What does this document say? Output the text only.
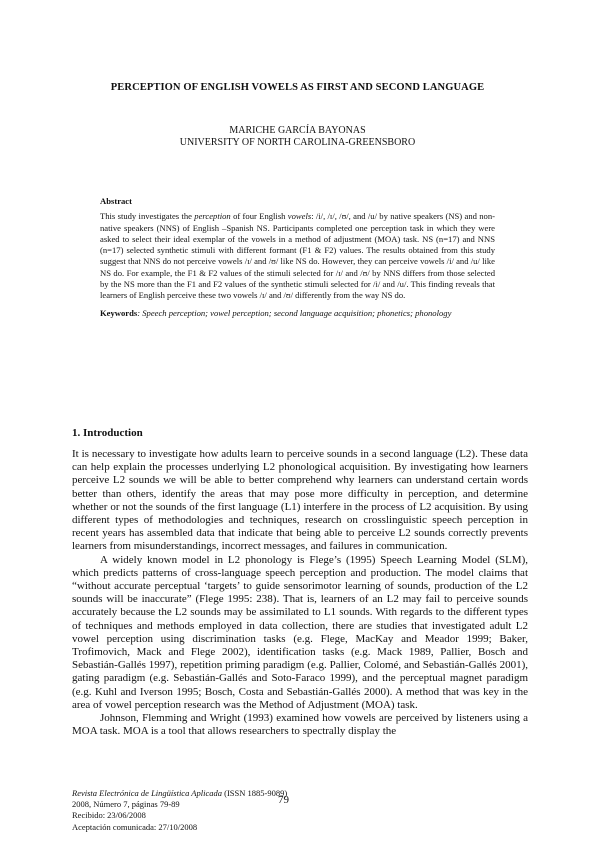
PERCEPTION OF ENGLISH VOWELS AS FIRST AND SECOND LANGUAGE
MARICHE GARCÍA BAYONAS
UNIVERSITY OF NORTH CAROLINA-GREENSBORO
Abstract

This study investigates the perception of four English vowels: /i/, /ɪ/, /ʊ/, and /u/ by native speakers (NS) and non-native speakers (NNS) of English –Spanish NS. Participants completed one perception task in which they were asked to select their ideal exemplar of the vowels in a method of adjustment (MOA) task. NS (n=17) and NNS (n=17) selected synthetic stimuli with different formant (F1 & F2) values. The results obtained from this study suggest that NNS do not perceive vowels /ɪ/ and /ʊ/ like NS do. However, they can perceive vowels /i/ and /u/ like NS do. For example, the F1 & F2 values of the stimuli selected for /ɪ/ and /ʊ/ by NNS differs from those selected by the NS more than the F1 and F2 values of the synthetic stimuli selected for /i/ and /u/. This finding reveals that learners of English perceive these two vowels /ɪ/ and /ʊ/ differently from the way NS do.

Keywords: Speech perception; vowel perception; second language acquisition; phonetics; phonology

1. Introduction

It is necessary to investigate how adults learn to perceive sounds in a second language (L2). These data can help explain the processes underlying L2 phonological acquisition. By investigating how learners perceive L2 sounds we will be able to better comprehend why learners can understand certain words better than others, identify the areas that may pose more difficulty in perception, and determine whether or not the sounds of the first language (L1) interfere in the process of L2 acquisition. By using different types of methodologies and techniques, research on crosslinguistic speech perception in recent years has assembled data that indicate that being able to perceive L2 sounds correctly prevents learners from misunderstandings, incorrect messages, and failures in communication.

A widely known model in L2 phonology is Flege’s (1995) Speech Learning Model (SLM), which predicts patterns of cross-language speech perception and production. The model claims that “without accurate perceptual ‘targets’ to guide sensorimotor learning of sounds, production of the L2 sounds will be inaccurate” (Flege 1995: 238). That is, learners of an L2 may fail to perceive sounds accurately because the L2 sounds may be assimilated to L1 sounds. With regards to the different types of techniques and methods employed in data collection, there are studies that investigated adult L2 vowel perception using discrimination tasks (e.g. Flege, MacKay and Meador 1999; Baker, Trofimovich, Mack and Flege 2002), identification tasks (e.g. Mack 1989, Pallier, Bosch and Sebastián-Gallés 1997), repetition priming paradigm (e.g. Pallier, Colomé, and Sebastián-Gallés 2001), gating paradigm (e.g. Sebastián-Gallés and Soto-Faraco 1999), and the perceptual magnet paradigm (e.g. Kuhl and Iverson 1995; Bosch, Costa and Sebastián-Gallés 2000). A method that was key in the area of vowel perception research was the Method of Adjustment (MOA) task.

Johnson, Flemming and Wright (1993) examined how vowels are perceived by listeners using a MOA task. MOA is a tool that allows researchers to spectrally display the

Revista Electrónica de Lingüística Aplicada (ISSN 1885-9089)
2008, Número 7, páginas 79-89
Recibido: 23/06/2008
Aceptación comunicada: 27/10/2008
79
